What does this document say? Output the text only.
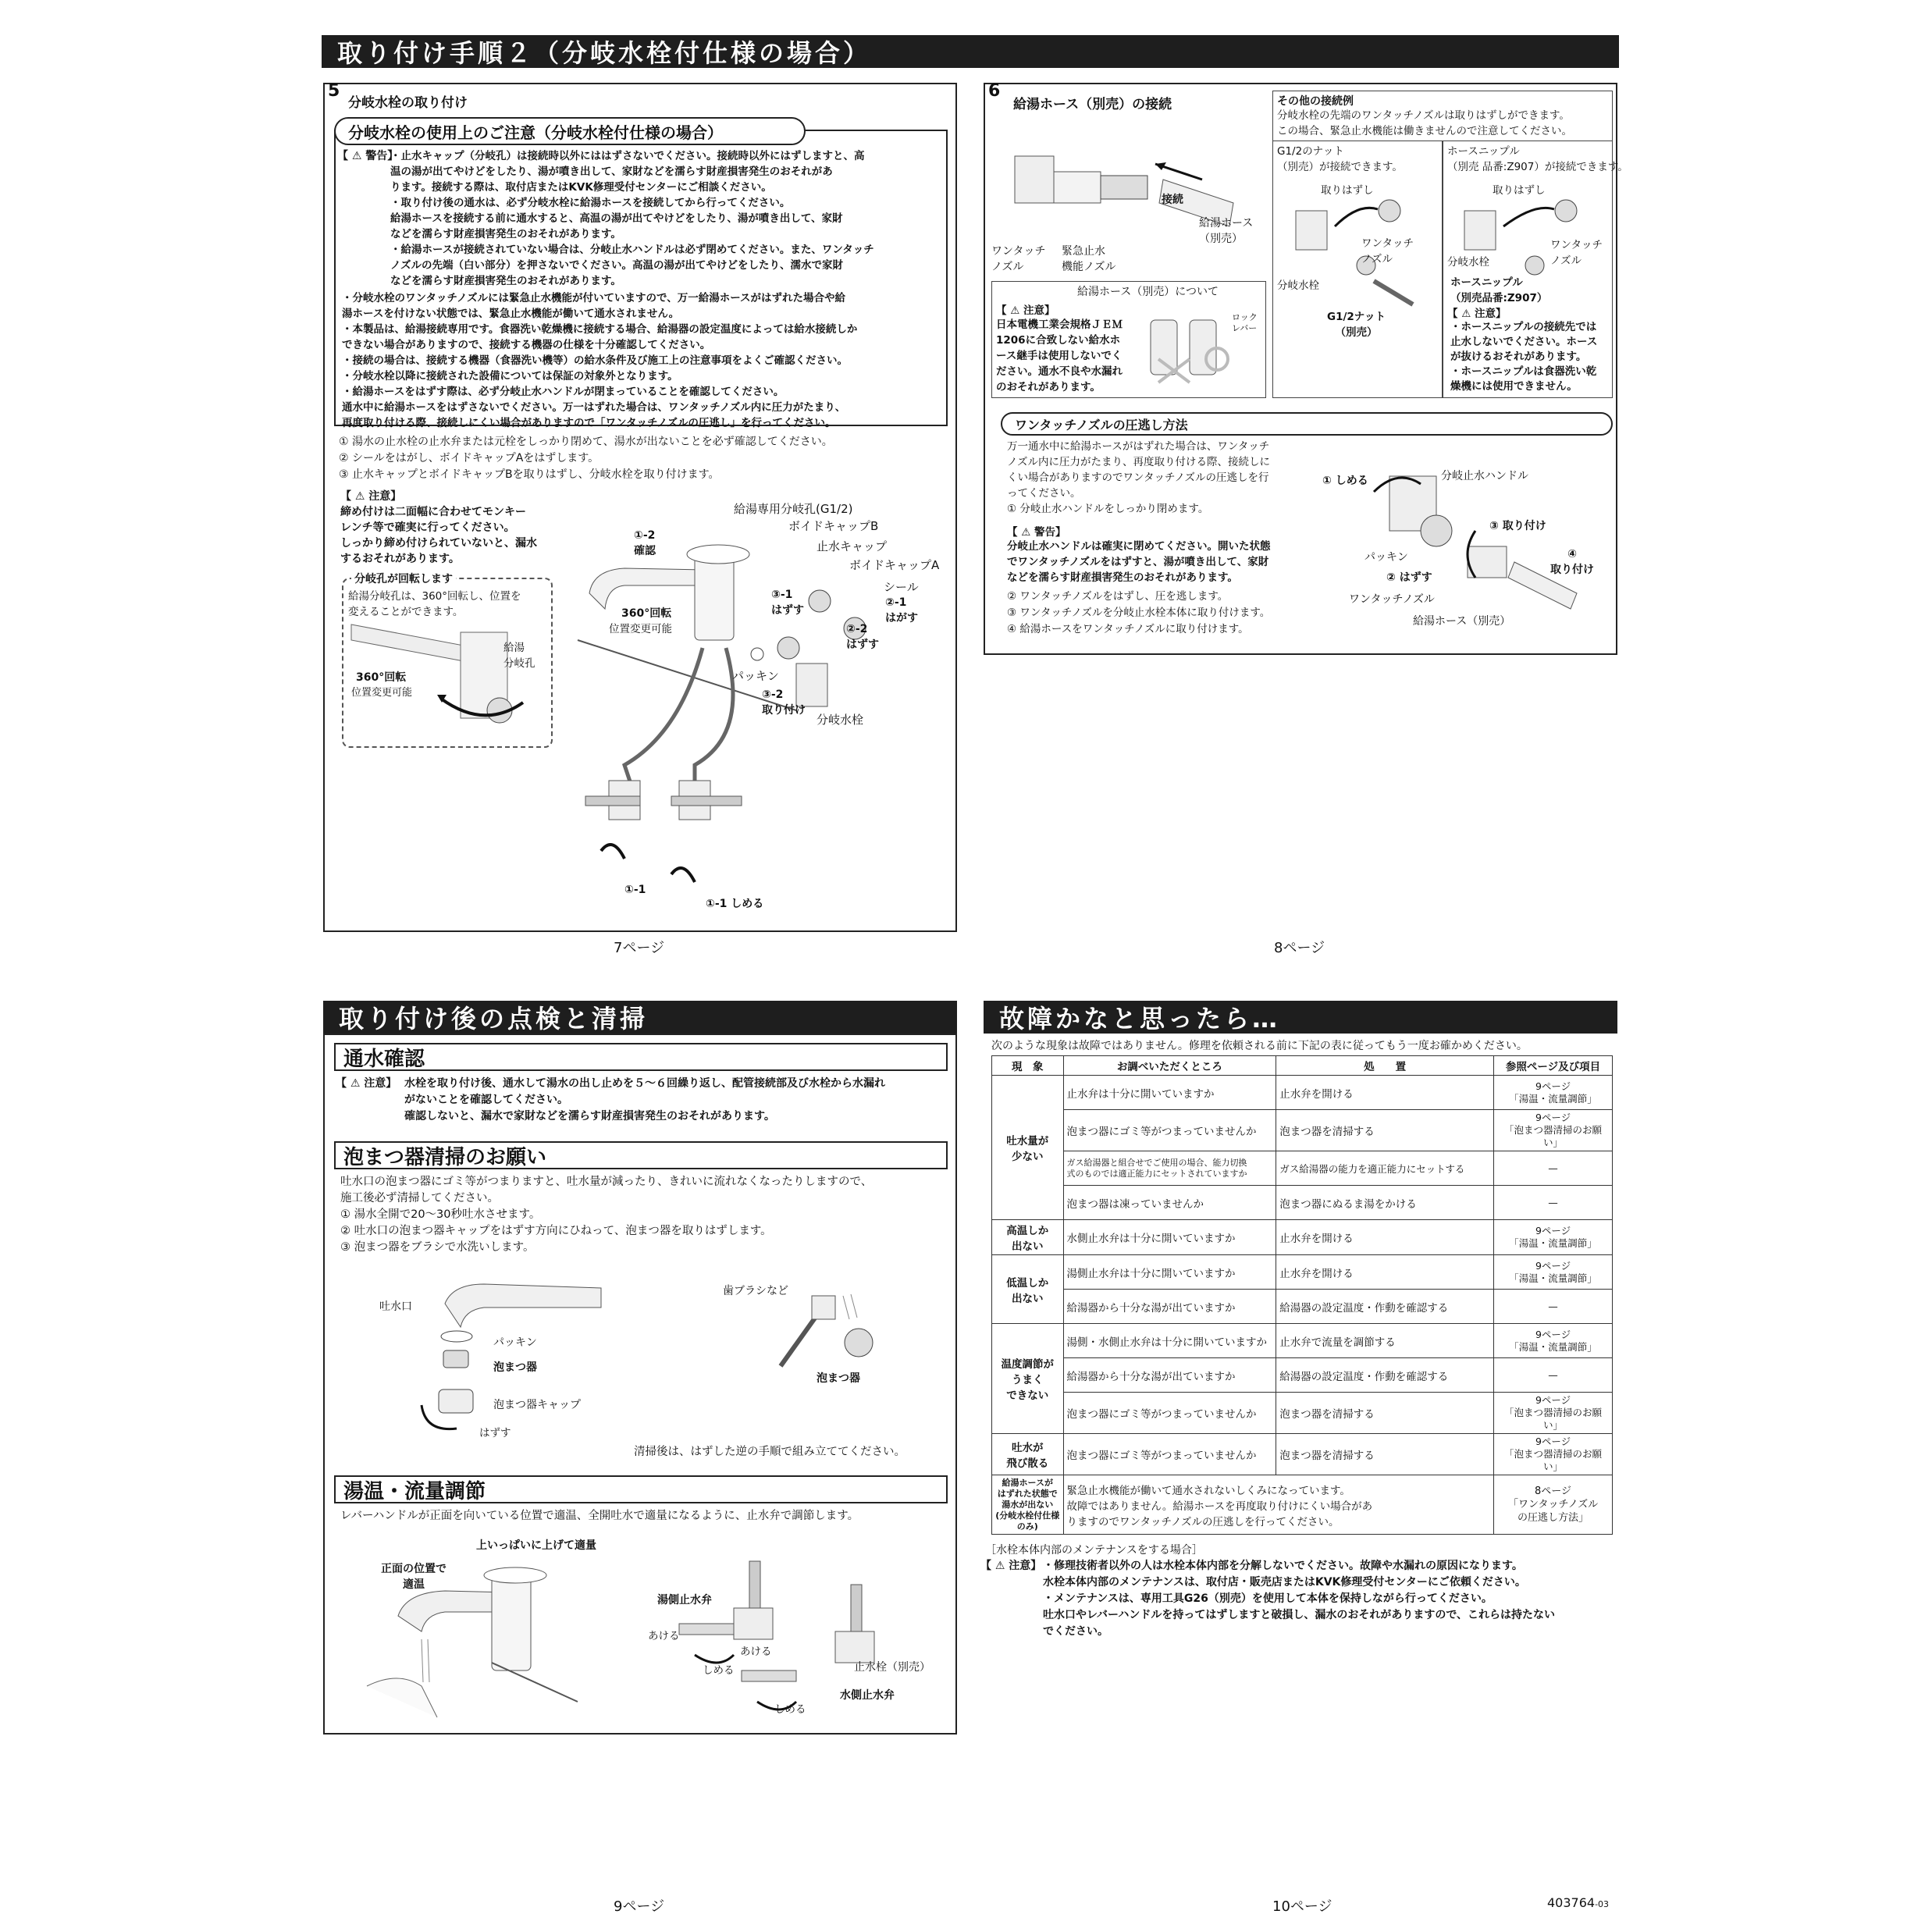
取り付け手順２（分岐水栓付仕様の場合）
5
分岐水栓の取り付け
分岐水栓の使用上のご注意（分岐水栓付仕様の場合）
【 ⚠ 警告】
・止水キャップ（分岐孔）は接続時以外にははずさないでください。接続時以外にはずしますと、高
温の湯が出てやけどをしたり、湯が噴き出して、家財などを濡らす財産損害発生のおそれがあ
ります。接続する際は、取付店またはKVK修理受付センターにご相談ください。
・取り付け後の通水は、必ず分岐水栓に給湯ホースを接続してから行ってください。
給湯ホースを接続する前に通水すると、高温の湯が出てやけどをしたり、湯が噴き出して、家財
などを濡らす財産損害発生のおそれがあります。
・給湯ホースが接続されていない場合は、分岐止水ハンドルは必ず閉めてください。また、ワンタッチ
ノズルの先端（白い部分）を押さないでください。高温の湯が出てやけどをしたり、濡水で家財
などを濡らす財産損害発生のおそれがあります。
・分岐水栓のワンタッチノズルには緊急止水機能が付いていますので、万一給湯ホースがはずれた場合や給
湯ホースを付けない状態では、緊急止水機能が働いて通水されません。
・本製品は、給湯接続専用です。食器洗い乾燥機に接続する場合、給湯器の設定温度によっては給水接続しか
できない場合がありますので、接続する機器の仕様を十分確認してください。
・接続の場合は、接続する機器（食器洗い機等）の給水条件及び施工上の注意事項をよくご確認ください。
・分岐水栓以降に接続された設備については保証の対象外となります。
・給湯ホースをはずす際は、必ず分岐止水ハンドルが閉まっていることを確認してください。
通水中に給湯ホースをはずさないでください。万一はずれた場合は、ワンタッチノズル内に圧力がたまり、
再度取り付ける際、接続しにくい場合がありますので「ワンタッチノズルの圧逃し」を行ってください。
① 湯水の止水栓の止水弁または元栓をしっかり閉めて、湯水が出ないことを必ず確認してください。
② シールをはがし、ボイドキャップAをはずします。
③ 止水キャップとボイドキャップBを取りはずし、分岐水栓を取り付けます。
【 ⚠ 注意】
締め付けは二面幅に合わせてモンキー
レンチ等で確実に行ってください。
しっかり締め付けられていないと、漏水
するおそれがあります。
分岐孔が回転します
給湯分岐孔は、360°回転し、位置を
変えることができます。
給湯
分岐孔
360°回転
位置変更可能
給湯専用分岐孔(G1/2)
ボイドキャップB
止水キャップ
ボイドキャップA
シール
①-2
確認
②-1
はがす
③-1
はずす
②-2
はずす
360°回転
位置変更可能
パッキン
③-2
取り付け
分岐水栓
①-1
①-1 しめる
7ページ
6
給湯ホース（別売）の接続
接続
給湯ホース
（別売）
ワンタッチ
ノズル
緊急止水
機能ノズル
給湯ホース（別売）について
【 ⚠ 注意】
日本電機工業会規格ＪＥＭ
1206に合致しない給水ホ
ース継手は使用しないでく
ださい。通水不良や水漏れ
のおそれがあります。
ロック
レバー
その他の接続例
分岐水栓の先端のワンタッチノズルは取りはずしができます。
この場合、緊急止水機能は働きませんので注意してください。
G1/2のナット
（別売）が接続できます。
ホースニップル
（別売 品番:Z907）が接続できます。
取りはずし
ワンタッチ
ノズル
分岐水栓
G1/2ナット
（別売）
取りはずし
ワンタッチ
ノズル
分岐水栓
ホースニップル
（別売品番:Z907）
【 ⚠ 注意】
・ホースニップルの接続先では
止水しないでください。ホース
が抜けるおそれがあります。
・ホースニップルは食器洗い乾
燥機には使用できません。
ワンタッチノズルの圧逃し方法
万一通水中に給湯ホースがはずれた場合は、ワンタッチ
ノズル内に圧力がたまり、再度取り付ける際、接続しに
くい場合がありますのでワンタッチノズルの圧逃しを行
ってください。
① 分岐止水ハンドルをしっかり閉めます。
【 ⚠ 警告】
分岐止水ハンドルは確実に閉めてください。開いた状態
でワンタッチノズルをはずすと、湯が噴き出して、家財
などを濡らす財産損害発生のおそれがあります。
② ワンタッチノズルをはずし、圧を逃します。
③ ワンタッチノズルを分岐止水栓本体に取り付けます。
④ 給湯ホースをワンタッチノズルに取り付けます。
① しめる	分岐止水ハンドル
③ 取り付け
パッキン
② はずす
④
取り付け
ワンタッチノズル
給湯ホース（別売）
8ページ
取り付け後の点検と清掃
通水確認
【 ⚠ 注意】 水栓を取り付け後、通水して湯水の出し止めを５～６回繰り返し、配管接続部及び水栓から水漏れ
がないことを確認してください。
確認しないと、漏水で家財などを濡らす財産損害発生のおそれがあります。
泡まつ器清掃のお願い
吐水口の泡まつ器にゴミ等がつまりますと、吐水量が減ったり、きれいに流れなくなったりしますので、
施工後必ず清掃してください。
① 湯水全開で20～30秒吐水させます。
② 吐水口の泡まつ器キャップをはずす方向にひねって、泡まつ器を取りはずします。
③ 泡まつ器をブラシで水洗いします。
吐水口
パッキン
泡まつ器
泡まつ器キャップ
はずす
歯ブラシなど
泡まつ器
清掃後は、はずした逆の手順で組み立ててください。
湯温・流量調節
レバーハンドルが正面を向いている位置で適温、全開吐水で適量になるように、止水弁で調節します。
上いっぱいに上げて適量
正面の位置で
適温
湯側止水弁
あける
あける
しめる	止水栓（別売）
水側止水弁
しめる
9ページ
故障かなと思ったら…
次のような現象は故障ではありません。修理を依頼される前に下記の表に従ってもう一度お確かめください。
現　象	お調べいただくところ	処　　置	参照ページ及び項目
吐水量が
少ない	止水弁は十分に開いていますか	止水弁を開ける	9ページ
「湯温・流量調節」
	泡まつ器にゴミ等がつまっていませんか	泡まつ器を清掃する	9ページ
「泡まつ器清掃のお願い」
	ガス給湯器と組合せでご使用の場合、能力切換
式のものでは適正能力にセットされていますか	ガス給湯器の能力を適正能力にセットする	—
	泡まつ器は凍っていませんか	泡まつ器にぬるま湯をかける	—
高温しか
出ない	水側止水弁は十分に開いていますか	止水弁を開ける	9ページ
「湯温・流量調節」
低温しか
出ない	湯側止水弁は十分に開いていますか	止水弁を開ける	9ページ
「湯温・流量調節」
	給湯器から十分な湯が出ていますか	給湯器の設定温度・作動を確認する	—
温度調節が
うまく
できない	湯側・水側止水弁は十分に開いていますか	止水弁で流量を調節する	9ページ
「湯温・流量調節」
	給湯器から十分な湯が出ていますか	給湯器の設定温度・作動を確認する	—
	泡まつ器にゴミ等がつまっていませんか	泡まつ器を清掃する	9ページ
「泡まつ器清掃のお願い」
吐水が
飛び散る	泡まつ器にゴミ等がつまっていませんか	泡まつ器を清掃する	9ページ
「泡まつ器清掃のお願い」
給湯ホースが
はずれた状態で
湯水が出ない
(分岐水栓付仕様のみ)	緊急止水機能が働いて通水されないしくみになっています。
故障ではありません。給湯ホースを再度取り付けにくい場合があ
りますのでワンタッチノズルの圧逃しを行ってください。		8ページ
「ワンタッチノズル
の圧逃し方法」
［水栓本体内部のメンテナンスをする場合］
【 ⚠ 注意】 ・修理技術者以外の人は水栓本体内部を分解しないでください。故障や水漏れの原因になります。
水栓本体内部のメンテナンスは、取付店・販売店またはKVK修理受付センターにご依頼ください。
・メンテナンスは、専用工具G26（別売）を使用して本体を保持しながら行ってください。
吐水口やレバーハンドルを持ってはずしますと破損し、漏水のおそれがありますので、これらは持たない
でください。
10ページ	403764-03
